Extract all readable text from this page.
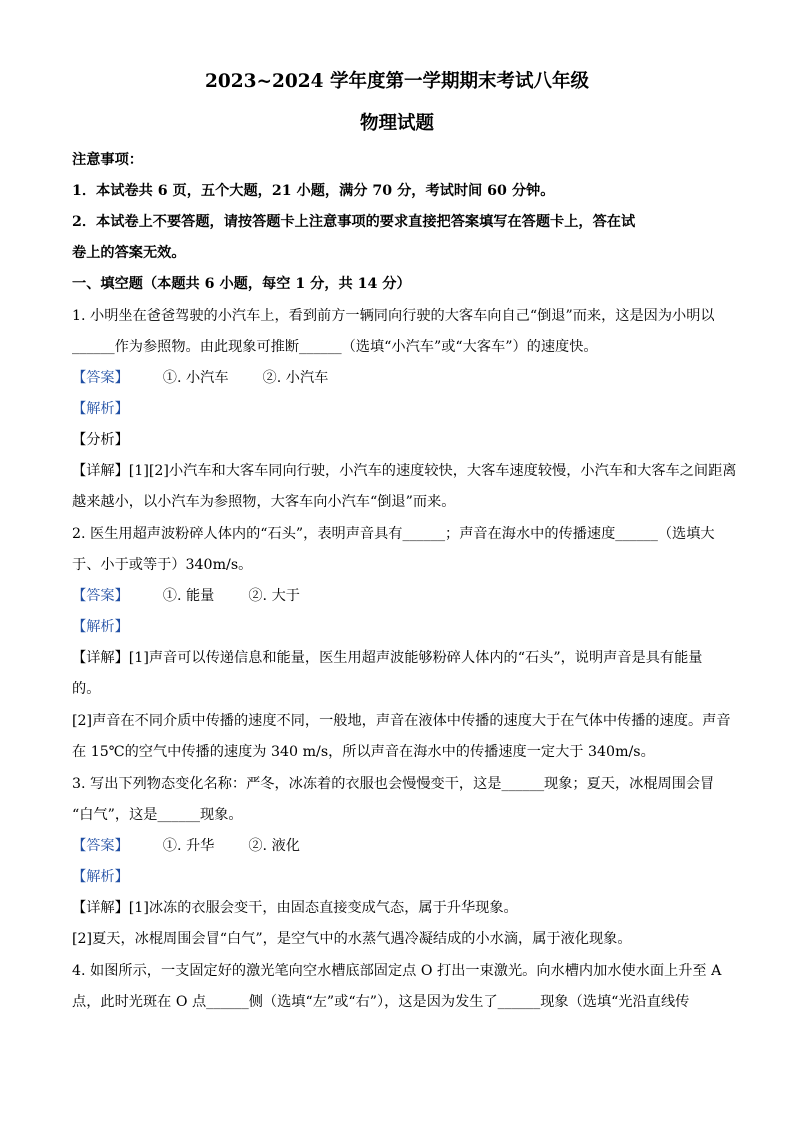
2023~2024 学年度第一学期期末考试八年级
物理试题
注意事项：
1．本试卷共 6 页，五个大题，21 小题，满分 70 分，考试时间 60 分钟。
2．本试卷上不要答题，请按答题卡上注意事项的要求直接把答案填写在答题卡上，答在试
卷上的答案无效。
一、填空题（本题共 6 小题，每空 1 分，共 14 分）
1. 小明坐在爸爸驾驶的小汽车上，看到前方一辆同向行驶的大客车向自己“倒退”而来，这是因为小明以
______作为参照物。由此现象可推断______（选填“小汽车”或“大客车”）的速度快。
【答案】 ①. 小汽车 ②. 小汽车
【解析】
【分析】
【详解】[1][2]小汽车和大客车同向行驶，小汽车的速度较快，大客车速度较慢，小汽车和大客车之间距离
越来越小，以小汽车为参照物，大客车向小汽车“倒退”而来。
2. 医生用超声波粉碎人体内的“石头”，表明声音具有______；声音在海水中的传播速度______（选填大
于、小于或等于）340m/s。
【答案】 ①. 能量 ②. 大于
【解析】
【详解】[1]声音可以传递信息和能量，医生用超声波能够粉碎人体内的“石头”，说明声音是具有能量
的。
[2]声音在不同介质中传播的速度不同，一般地，声音在液体中传播的速度大于在气体中传播的速度。声音
在 15℃的空气中传播的速度为 340 m/s，所以声音在海水中的传播速度一定大于 340m/s。
3. 写出下列物态变化名称：严冬，冰冻着的衣服也会慢慢变干，这是______现象；夏天，冰棍周围会冒
“白气”，这是______现象。
【答案】 ①. 升华 ②. 液化
【解析】
【详解】[1]冰冻的衣服会变干，由固态直接变成气态，属于升华现象。
[2]夏天，冰棍周围会冒“白气”，是空气中的水蒸气遇冷凝结成的小水滴，属于液化现象。
4. 如图所示，一支固定好的激光笔向空水槽底部固定点 O 打出一束激光。向水槽内加水使水面上升至 A
点，此时光斑在 O 点______侧（选填“左”或“右”），这是因为发生了______现象（选填“光沿直线传
